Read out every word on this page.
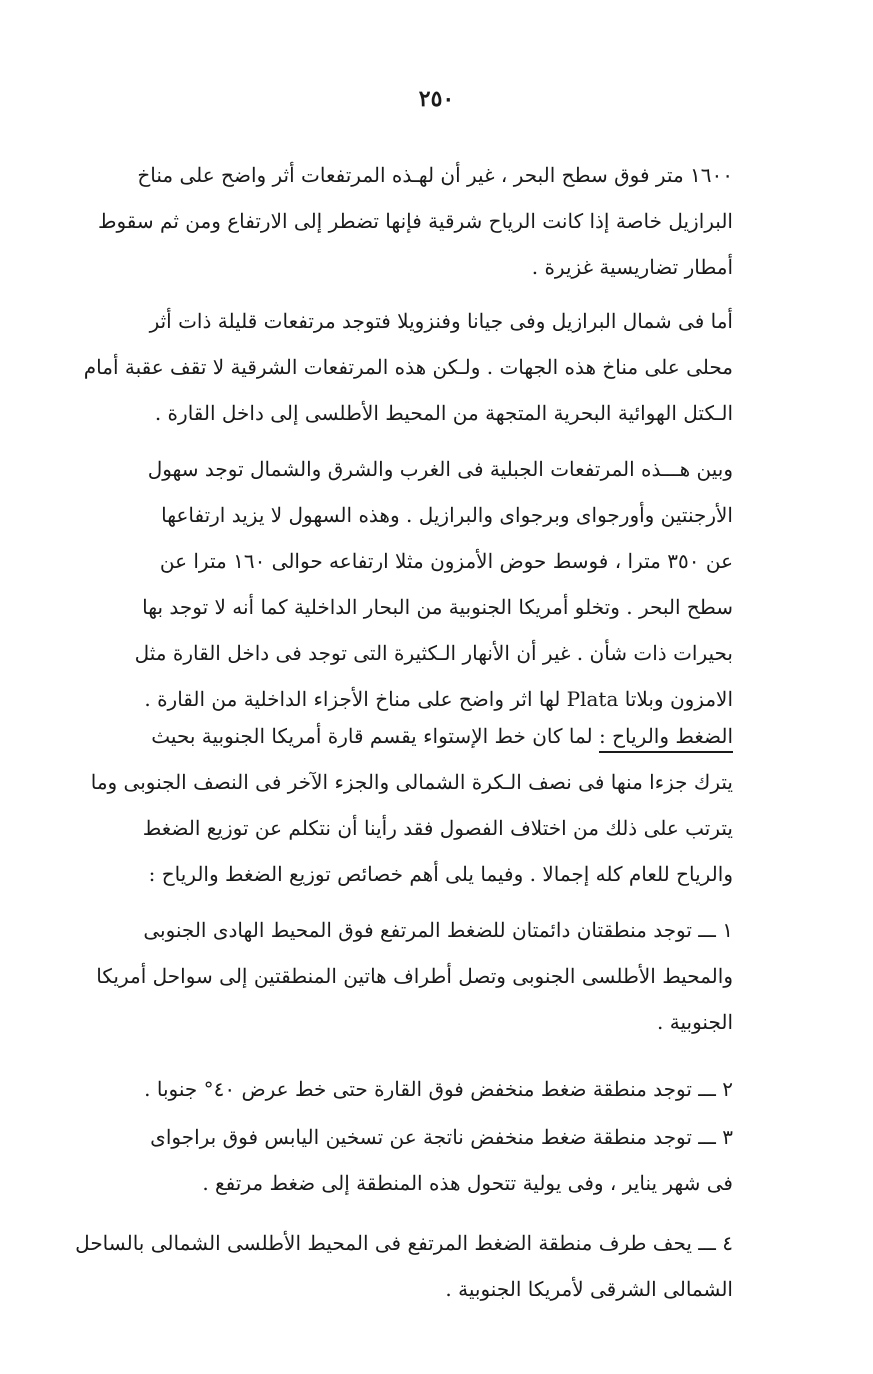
٢٥٠
١٦٠٠ متر فوق سطح البحر ، غير أن لهـذه المرتفعات أثر واضح على مناخ
البرازيل خاصة إذا كانت الرياح شرقية فإنها تضطر إلى الارتفاع ومن ثم سقوط
أمطار تضاريسية غزيرة .
أما فى شمال البرازيل وفى جيانا وفنزويلا فتوجد مرتفعات قليلة ذات أثر
محلى على مناخ هذه الجهات . ولـكن هذه المرتفعات الشرقية لا تقف عقبة أمام
الـكتل الهوائية البحرية المتجهة من المحيط الأطلسى إلى داخل القارة .
وبين هـــذه المرتفعات الجبلية فى الغرب والشرق والشمال توجد سهول
الأرجنتين وأورجواى وبرجواى والبرازيل . وهذه السهول لا يزيد ارتفاعها
عن ٣٥٠ مترا ، فوسط حوض الأمزون مثلا ارتفاعه حوالى ١٦٠ مترا عن
سطح البحر . وتخلو أمريكا الجنوبية من البحار الداخلية كما أنه لا توجد بها
بحيرات ذات شأن . غير أن الأنهار الـكثيرة التى توجد فى داخل القارة مثل
الامزون وبلاتا Plata لها اثر واضح على مناخ الأجزاء الداخلية من القارة .
الضغط والرياح : لما كان خط الإستواء يقسم قارة أمريكا الجنوبية بحيث
يترك جزءا منها فى نصف الـكرة الشمالى والجزء الآخر فى النصف الجنوبى وما
يترتب على ذلك من اختلاف الفصول فقد رأينا أن نتكلم عن توزيع الضغط
والرياح للعام كله إجمالا . وفيما يلى أهم خصائص توزيع الضغط والرياح :
١ ـــ توجد منطقتان دائمتان للضغط المرتفع فوق المحيط الهادى الجنوبى
والمحيط الأطلسى الجنوبى وتصل أطراف هاتين المنطقتين إلى سواحل أمريكا
الجنوبية .
٢ ـــ توجد منطقة ضغط منخفض فوق القارة حتى خط عرض ٤٠° جنوبا .
٣ ـــ توجد منطقة ضغط منخفض ناتجة عن تسخين اليابس فوق براجواى
فى شهر يناير ، وفى يولية تتحول هذه المنطقة إلى ضغط مرتفع .
٤ ـــ يحف طرف منطقة الضغط المرتفع فى المحيط الأطلسى الشمالى بالساحل
الشمالى الشرقى لأمريكا الجنوبية .
